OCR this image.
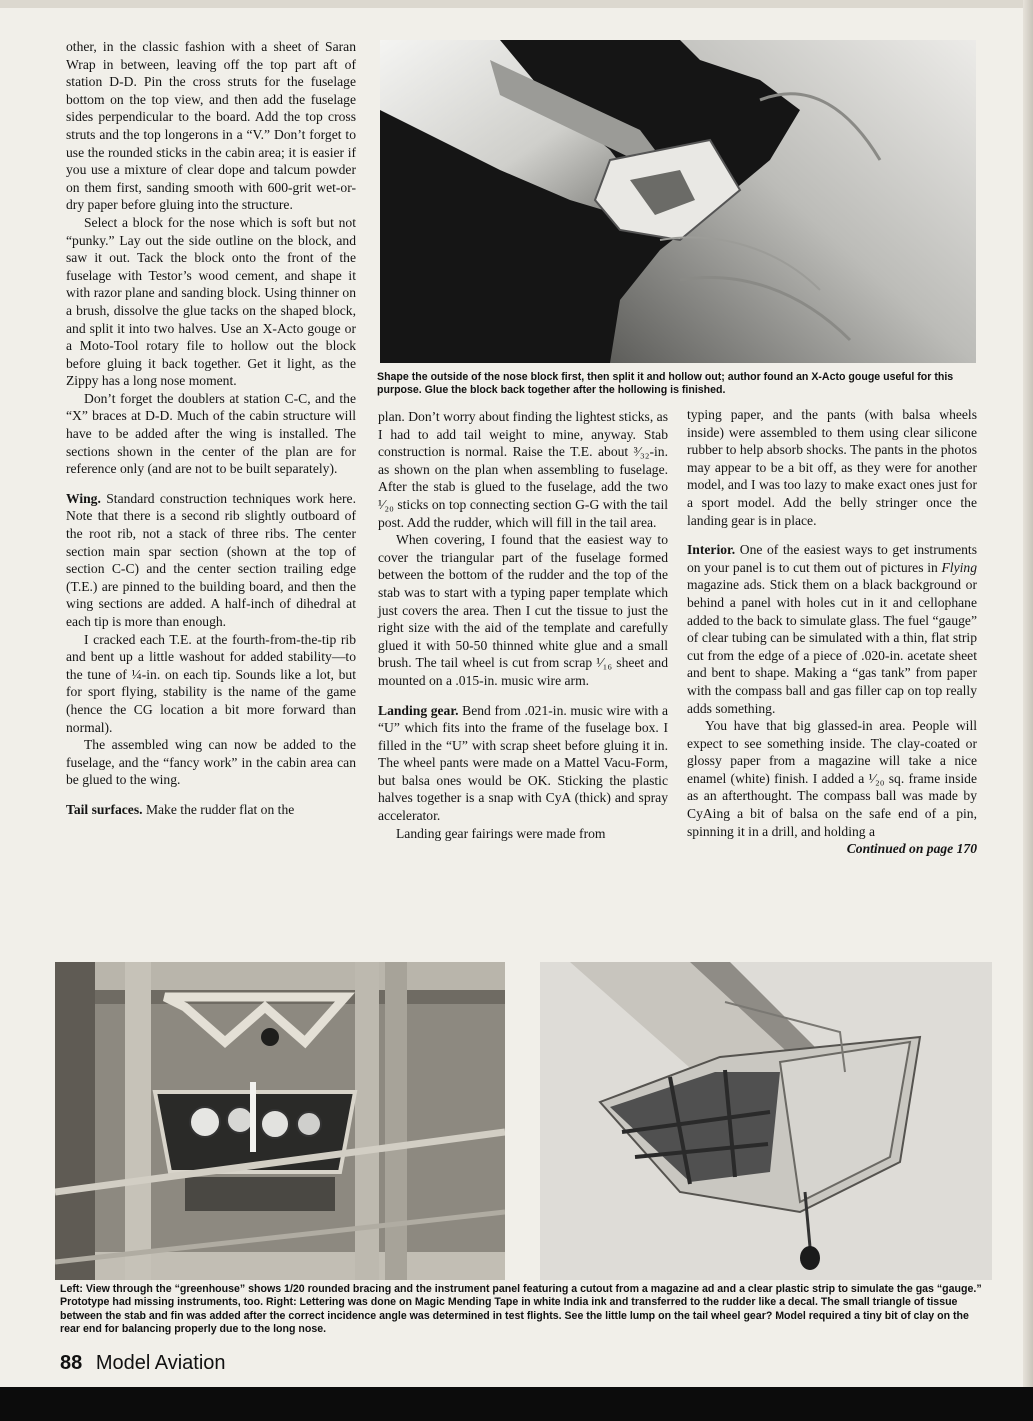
other, in the classic fashion with a sheet of Saran Wrap in between, leaving off the top part aft of station D-D. Pin the cross struts for the fuselage bottom on the top view, and then add the fuselage sides perpendicular to the board. Add the top cross struts and the top longerons in a “V.” Don’t forget to use the rounded sticks in the cabin area; it is easier if you use a mixture of clear dope and talcum powder on them first, sanding smooth with 600-grit wet-or-dry paper before gluing into the structure.

Select a block for the nose which is soft but not “punky.” Lay out the side outline on the block, and saw it out. Tack the block onto the front of the fuselage with Testor’s wood cement, and shape it with razor plane and sanding block. Using thinner on a brush, dissolve the glue tacks on the shaped block, and split it into two halves. Use an X-Acto gouge or a Moto-Tool rotary file to hollow out the block before gluing it back together. Get it light, as the Zippy has a long nose moment.

Don’t forget the doublers at station C-C, and the “X” braces at D-D. Much of the cabin structure will have to be added after the wing is installed. The sections shown in the center of the plan are for reference only (and are not to be built separately).

Wing. Standard construction techniques work here. Note that there is a second rib slightly outboard of the root rib, not a stack of three ribs. The center section main spar section (shown at the top of section C-C) and the center section trailing edge (T.E.) are pinned to the building board, and then the wing sections are added. A half-inch of dihedral at each tip is more than enough.

I cracked each T.E. at the fourth-from-the-tip rib and bent up a little washout for added stability—to the tune of ¼-in. on each tip. Sounds like a lot, but for sport flying, stability is the name of the game (hence the CG location a bit more forward than normal).

The assembled wing can now be added to the fuselage, and the “fancy work” in the cabin area can be glued to the wing.

Tail surfaces. Make the rudder flat on the

Shape the outside of the nose block first, then split it and hollow out; author found an X-Acto gouge useful for this purpose. Glue the block back together after the hollowing is finished.

plan. Don’t worry about finding the lightest sticks, as I had to add tail weight to mine, anyway. Stab construction is normal. Raise the T.E. about ³⁄₃₂-in. as shown on the plan when assembling to fuselage. After the stab is glued to the fuselage, add the two ¹⁄₂₀ sticks on top connecting section G-G with the tail post. Add the rudder, which will fill in the tail area.

When covering, I found that the easiest way to cover the triangular part of the fuselage formed between the bottom of the rudder and the top of the stab was to start with a typing paper template which just covers the area. Then I cut the tissue to just the right size with the aid of the template and carefully glued it with 50-50 thinned white glue and a small brush. The tail wheel is cut from scrap ¹⁄₁₆ sheet and mounted on a .015-in. music wire arm.

Landing gear. Bend from .021-in. music wire with a “U” which fits into the frame of the fuselage box. I filled in the “U” with scrap sheet before gluing it in. The wheel pants were made on a Mattel Vacu-Form, but balsa ones would be OK. Sticking the plastic halves together is a snap with CyA (thick) and spray accelerator.

Landing gear fairings were made from

typing paper, and the pants (with balsa wheels inside) were assembled to them using clear silicone rubber to help absorb shocks. The pants in the photos may appear to be a bit off, as they were for another model, and I was too lazy to make exact ones just for a sport model. Add the belly stringer once the landing gear is in place.

Interior. One of the easiest ways to get instruments on your panel is to cut them out of pictures in Flying magazine ads. Stick them on a black background or behind a panel with holes cut in it and cellophane added to the back to simulate glass. The fuel “gauge” of clear tubing can be simulated with a thin, flat strip cut from the edge of a piece of .020-in. acetate sheet and bent to shape. Making a “gas tank” from paper with the compass ball and gas filler cap on top really adds something.

You have that big glassed-in area. People will expect to see something inside. The clay-coated or glossy paper from a magazine will take a nice enamel (white) finish. I added a ¹⁄₂₀ sq. frame inside as an afterthought. The compass ball was made by CyAing a bit of balsa on the safe end of a pin, spinning it in a drill, and holding a

Continued on page 170

Left: View through the “greenhouse” shows 1/20 rounded bracing and the instrument panel featuring a cutout from a magazine ad and a clear plastic strip to simulate the gas “gauge.” Prototype had missing instruments, too. Right: Lettering was done on Magic Mending Tape in white India ink and transferred to the rudder like a decal. The small triangle of tissue between the stab and fin was added after the correct incidence angle was determined in test flights. See the little lump on the tail wheel gear? Model required a tiny bit of clay on the rear end for balancing properly due to the long nose.
88 Model Aviation
